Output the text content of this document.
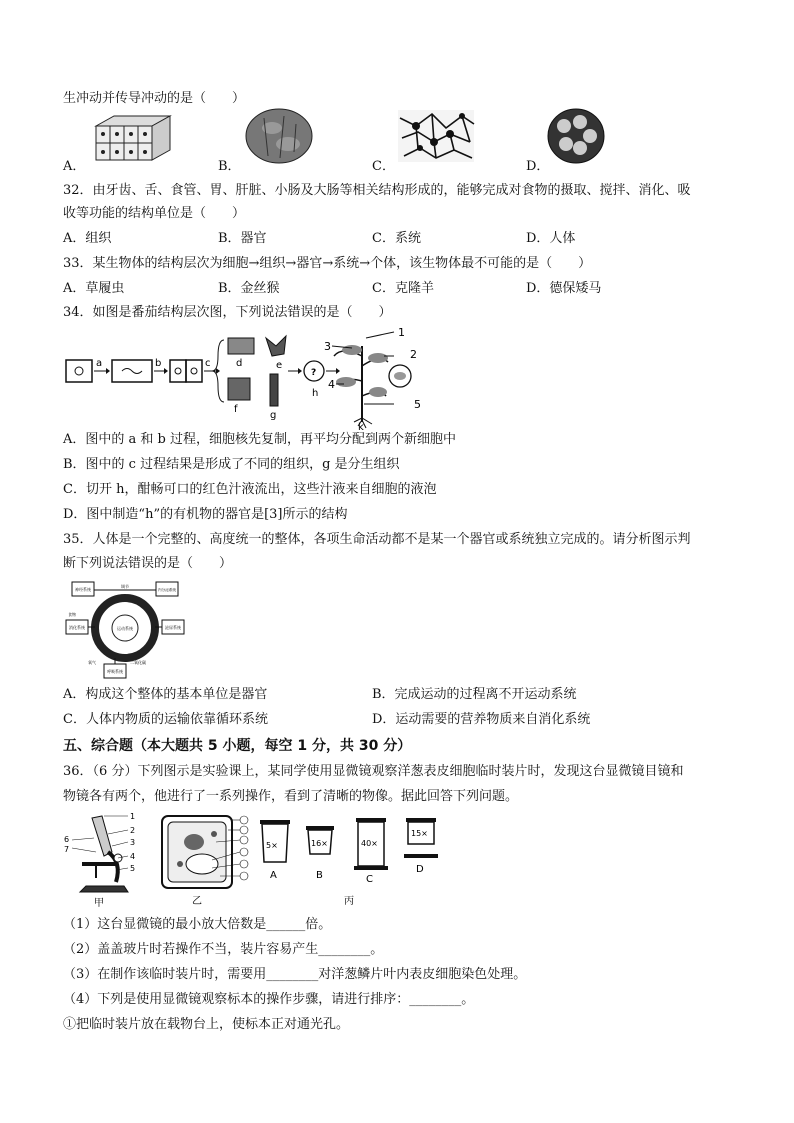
生冲动并传导冲动的是（　　）
A．	B．	C．	D．
32．由牙齿、舌、食管、胃、肝脏、小肠及大肠等相关结构形成的，能够完成对食物的摄取、搅拌、消化、吸
收等功能的结构单位是（　　）
A．组织	B．器官	C．系统	D．人体
33．某生物体的结构层次为细胞→组织→器官→系统→个体，该生物体最不可能的是（　　）
A．草履虫	B．金丝猴	C．克隆羊	D．德保矮马
34．如图是番茄结构层次图，下列说法错误的是（　　）
a	b	c	d	e
f
g
?
h
1
2
3
4
5
k
A．图中的 a 和 b 过程，细胞核先复制，再平均分配到两个新细胞中
B．图中的 c 过程结果是形成了不同的组织，g 是分生组织
C．切开 h，酣畅可口的红色汁液流出，这些汁液来自细胞的液泡
D．图中制造“h”的有机物的器官是[3]所示的结构
35．人体是一个完整的、高度统一的整体，各项生命活动都不是某一个器官或系统独立完成的。请分析图示判
断下列说法错误的是（　　）
运动系统
神经系统	内分泌系统
消化系统	泌尿系统
呼吸系统
调节
食物
二氧化碳
氧气
A．构成这个整体的基本单位是器官	B．完成运动的过程离不开运动系统
C．人体内物质的运输依靠循环系统	D．运动需要的营养物质来自消化系统
五、综合题（本大题共 5 小题，每空 1 分，共 30 分）
36．（6 分）下列图示是实验课上，某同学使用显微镜观察洋葱表皮细胞临时装片时，发现这台显微镜目镜和
物镜各有两个，他进行了一系列操作，看到了清晰的物像。据此回答下列问题。
1
2
3
4
5
6
7
甲	乙
5×
A
16×
B
40×
C
15×
D
丙
（1）这台显微镜的最小放大倍数是______倍。
（2）盖盖玻片时若操作不当，装片容易产生________。
（3）在制作该临时装片时，需要用________对洋葱鳞片叶内表皮细胞染色处理。
（4）下列是使用显微镜观察标本的操作步骤，请进行排序：________。
①把临时装片放在载物台上，使标本正对通光孔。
